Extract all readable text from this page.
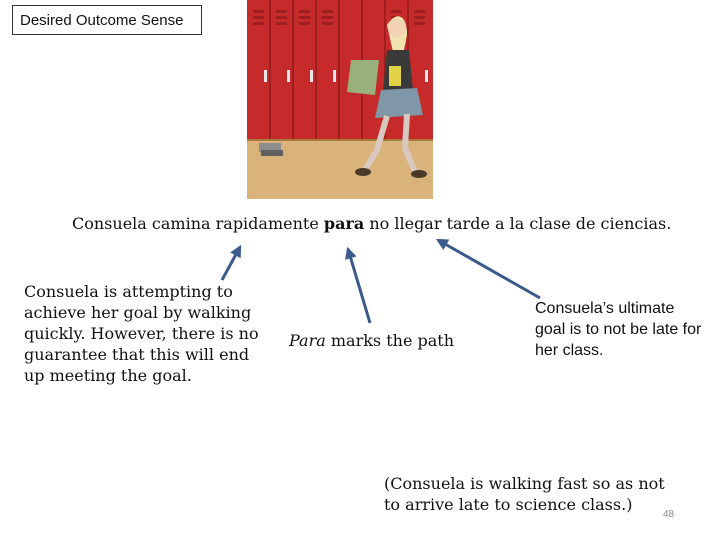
Desired Outcome Sense
Consuela camina rapidamente para no llegar tarde a la clase de ciencias.
Consuela is attempting to achieve her goal by walking quickly. However, there is no guarantee that this will end up meeting the goal.
Para marks the path
Consuela’s ultimate goal is to not be late for her class.
(Consuela is walking fast so as not to arrive late to science class.)
48
